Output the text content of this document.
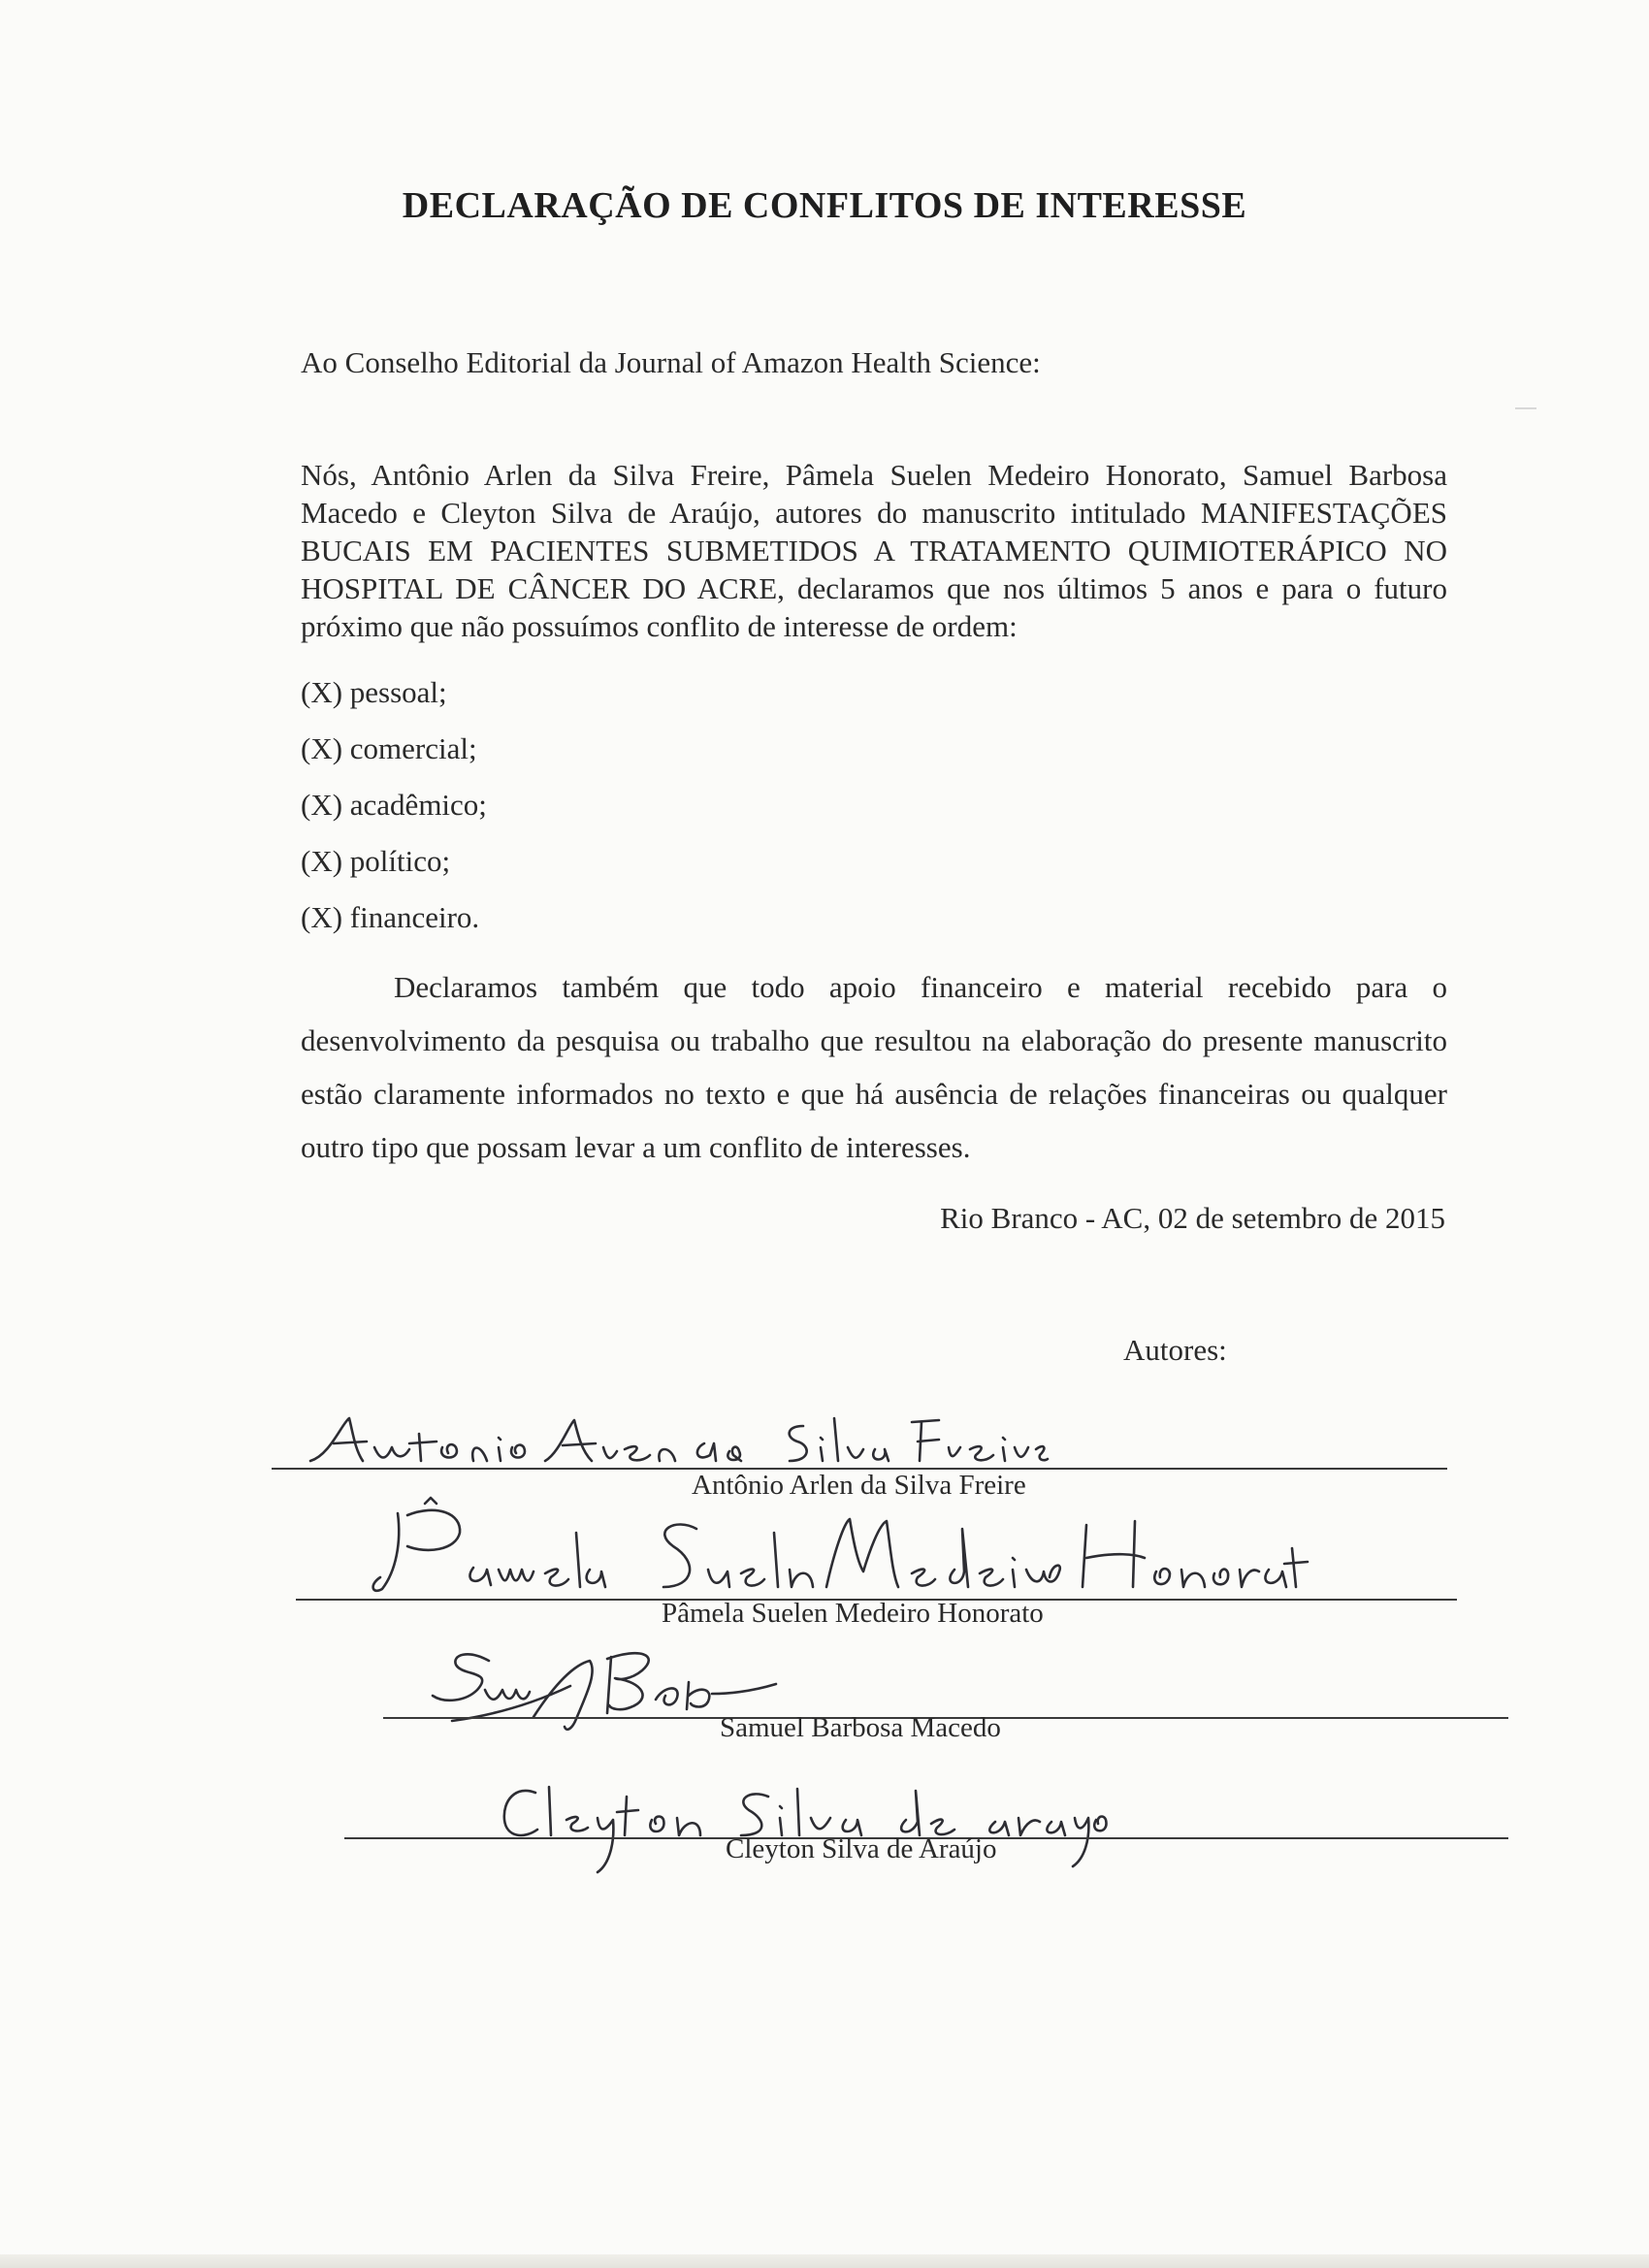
DECLARAÇÃO DE CONFLITOS DE INTERESSE
Ao Conselho Editorial da Journal of Amazon Health Science:
Nós, Antônio Arlen da Silva Freire, Pâmela Suelen Medeiro Honorato, Samuel Barbosa Macedo e Cleyton Silva de Araújo, autores do manuscrito intitulado MANIFESTAÇÕES BUCAIS EM PACIENTES SUBMETIDOS A TRATAMENTO QUIMIOTERÁPICO NO HOSPITAL DE CÂNCER DO ACRE, declaramos que nos últimos 5 anos e para o futuro próximo que não possuímos conflito de interesse de ordem:
(X) pessoal;
(X) comercial;
(X) acadêmico;
(X) político;
(X) financeiro.
Declaramos também que todo apoio financeiro e material recebido para o desenvolvimento da pesquisa ou trabalho que resultou na elaboração do presente manuscrito estão claramente informados no texto e que há ausência de relações financeiras ou qualquer outro tipo que possam levar a um conflito de interesses.
Rio Branco - AC, 02 de setembro de 2015
Autores:
Antônio Arlen da Silva Freire
Pâmela Suelen Medeiro Honorato
Samuel Barbosa Macedo
Cleyton Silva de Araújo
